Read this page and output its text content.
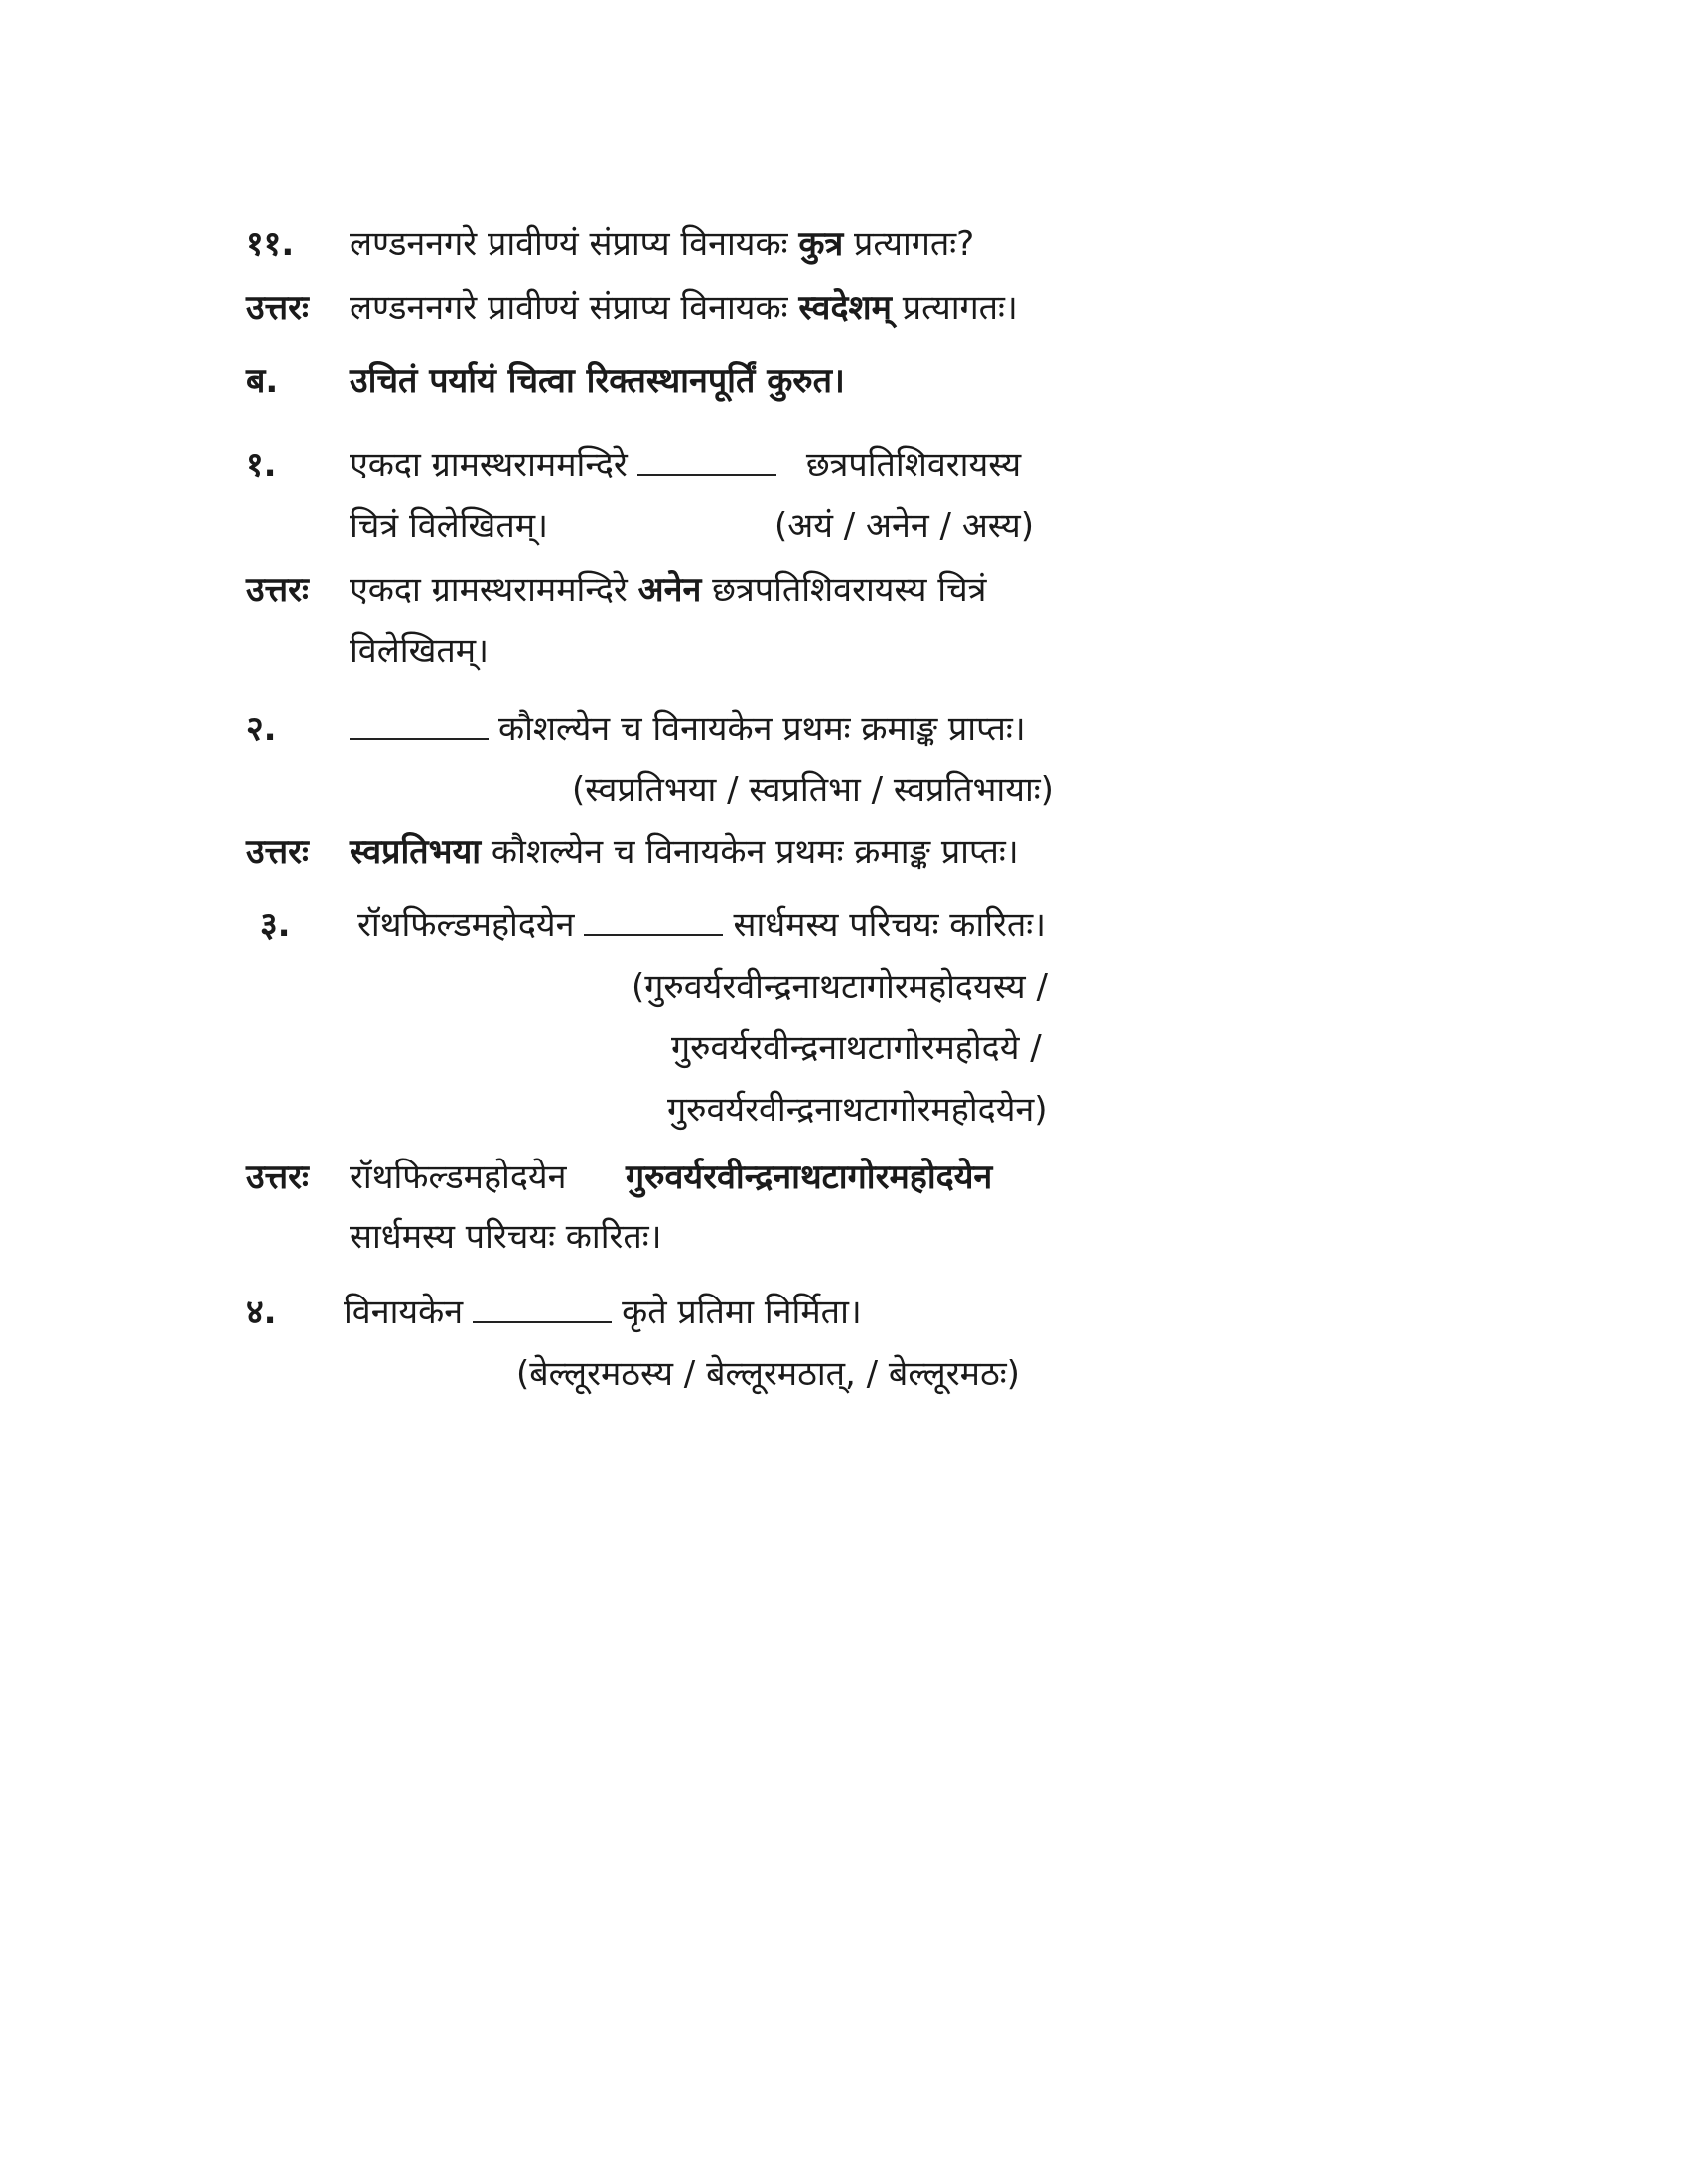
११. लण्डननगरे प्रावीण्यं संप्राप्य विनायकः कुत्र प्रत्यागतः?
उत्तरः लण्डननगरे प्रावीण्यं संप्राप्य विनायकः स्वदेशम् प्रत्यागतः।
ब. उचितं पर्यायं चित्वा रिक्तस्थानपूर्तिं कुरुत।
१. एकदा ग्रामस्थराममन्दिरे	छत्रपतिशिवरायस्य
चित्रं विलेखितम्।	(अयं / अनेन / अस्य)
उत्तरः एकदा ग्रामस्थराममन्दिरे अनेन छत्रपतिशिवरायस्य चित्रं
विलेखितम्।
२.	कौशल्येन च विनायकेन प्रथमः क्रमाङ्क प्राप्तः।
(स्वप्रतिभया / स्वप्रतिभा / स्वप्रतिभायाः)
उत्तरः स्वप्रतिभया कौशल्येन च विनायकेन प्रथमः क्रमाङ्क प्राप्तः।
३. रॉथफिल्डमहोदयेन	सार्धमस्य परिचयः कारितः।
(गुरुवर्यरवीन्द्रनाथटागोरमहोदयस्य /
गुरुवर्यरवीन्द्रनाथटागोरमहोदये /
गुरुवर्यरवीन्द्रनाथटागोरमहोदयेन)
उत्तरः रॉथफिल्डमहोदयेन गुरुवर्यरवीन्द्रनाथटागोरमहोदयेन
सार्धमस्य परिचयः कारितः।
४. विनायकेन	कृते प्रतिमा निर्मिता।
(बेल्लूरमठस्य / बेल्लूरमठात्, / बेल्लूरमठः)
